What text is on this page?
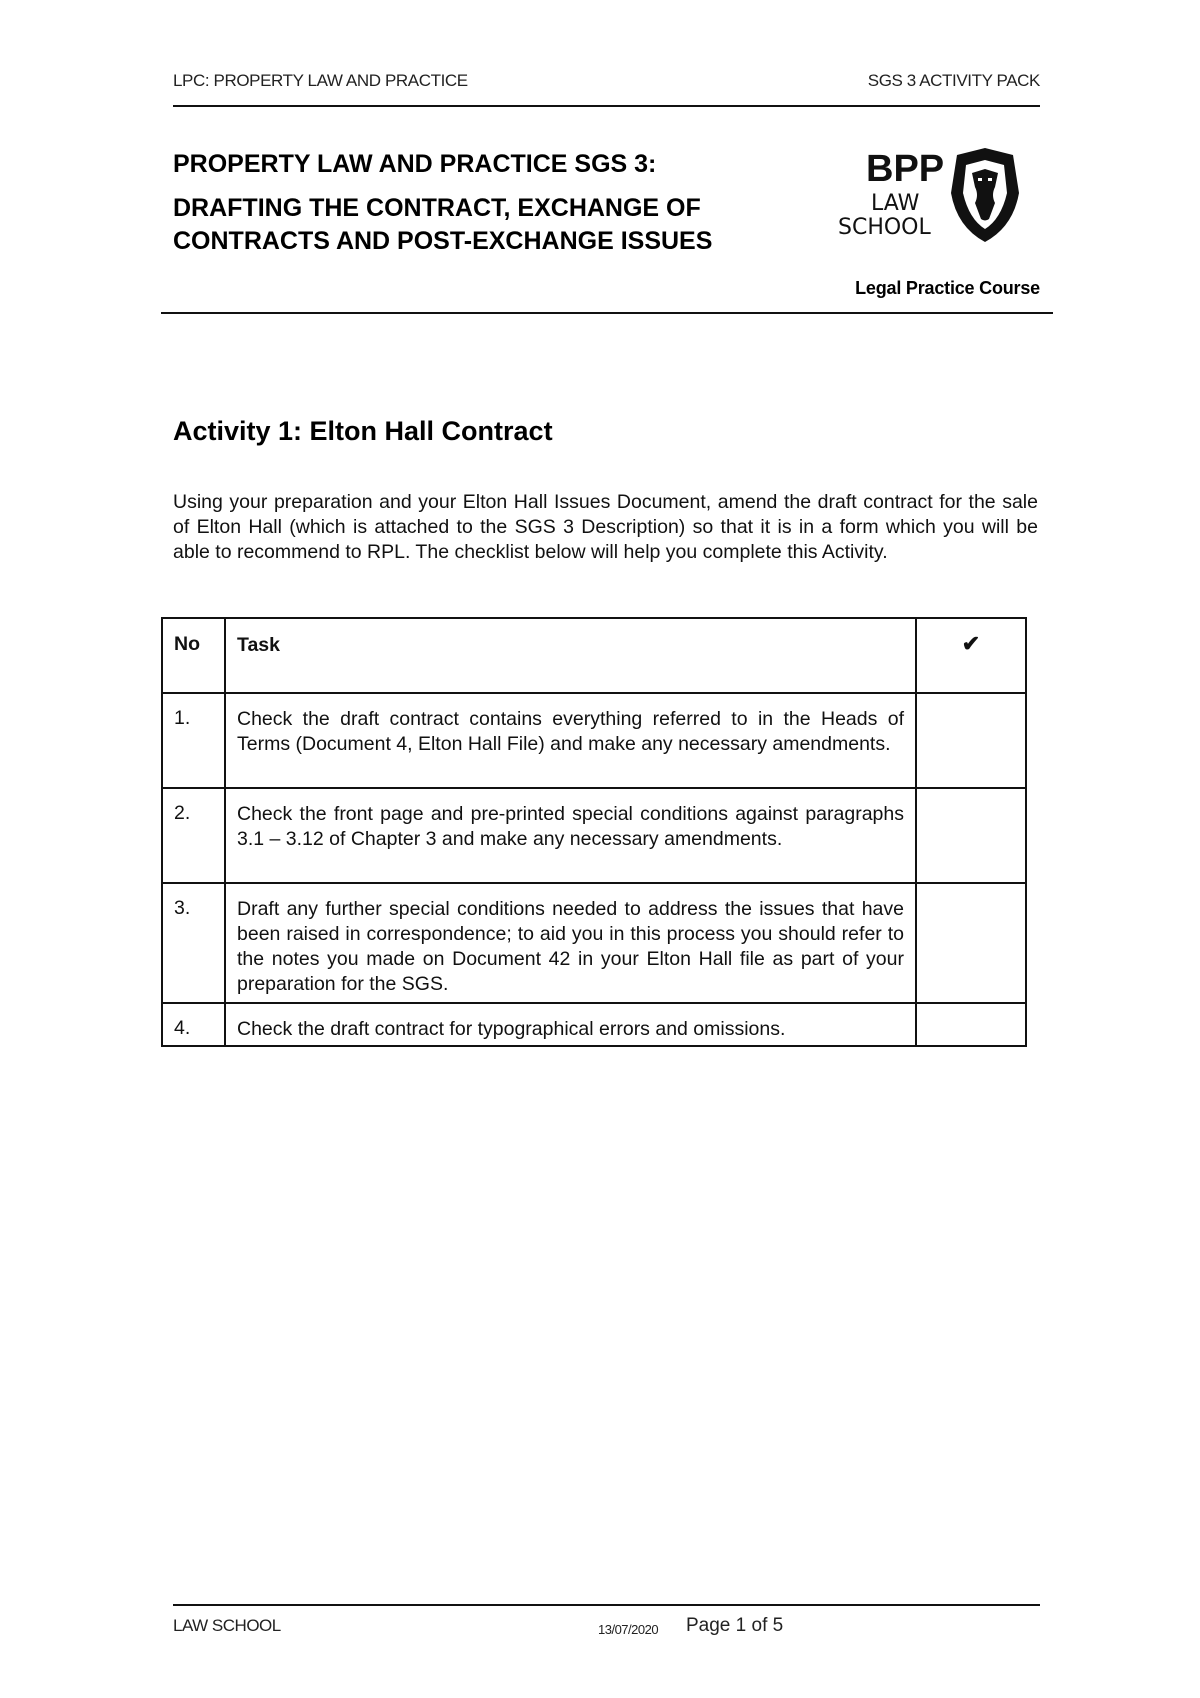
LPC: PROPERTY LAW AND PRACTICE	SGS 3 ACTIVITY PACK
PROPERTY LAW AND PRACTICE SGS 3:
DRAFTING THE CONTRACT, EXCHANGE OF
CONTRACTS AND POST-EXCHANGE ISSUES
BPP
LAW
SCHOOL
Legal Practice Course
Activity 1: Elton Hall Contract
Using your preparation and your Elton Hall Issues Document, amend the draft contract for the sale of Elton Hall (which is attached to the SGS 3 Description) so that it is in a form which you will be able to recommend to RPL. The checklist below will help you complete this Activity.
No	Task	✔
1.	Check the draft contract contains everything referred to in the Heads of Terms (Document 4, Elton Hall File) and make any necessary amendments.	
2.	Check the front page and pre-printed special conditions against paragraphs 3.1 – 3.12 of Chapter 3 and make any necessary amendments.	
3.	Draft any further special conditions needed to address the issues that have been raised in correspondence; to aid you in this process you should refer to the notes you made on Document 42 in your Elton Hall file as part of your preparation for the SGS.	
4.	Check the draft contract for typographical errors and omissions.	
LAW SCHOOL	13/07/2020 Page 1 of 5
